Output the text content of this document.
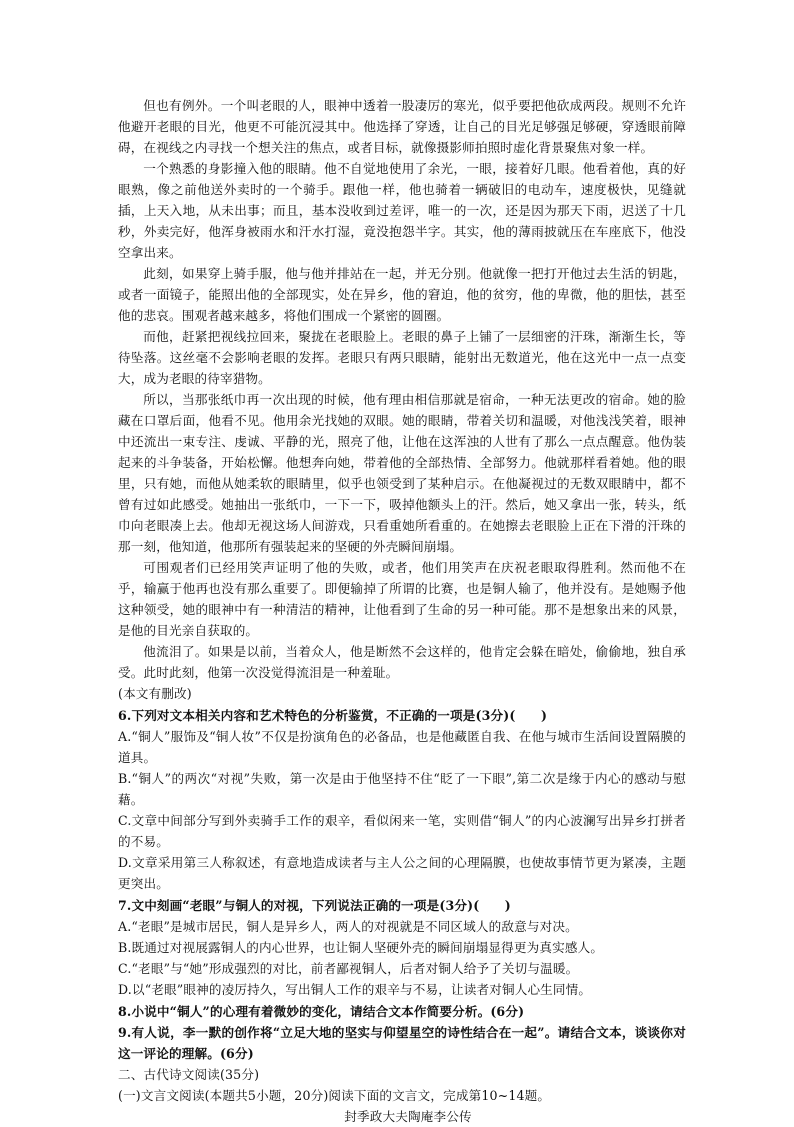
但也有例外。一个叫老眼的人，眼神中透着一股凄厉的寒光，似乎要把他砍成两段。规则不允许他避开老眼的目光，他更不可能沉浸其中。他选择了穿透，让自己的目光足够强足够硬，穿透眼前障碍，在视线之内寻找一个想关注的焦点，或者目标，就像摄影师拍照时虚化背景聚焦对象一样。

一个熟悉的身影撞入他的眼睛。他不自觉地使用了余光，一眼，接着好几眼。他看着他，真的好眼熟，像之前他送外卖时的一个骑手。跟他一样，他也骑着一辆破旧的电动车，速度极快，见缝就插，上天入地，从未出事；而且，基本没收到过差评，唯一的一次，还是因为那天下雨，迟送了十几秒，外卖完好，他浑身被雨水和汗水打湿，竟没抱怨半字。其实，他的薄雨披就压在车座底下，他没空拿出来。

此刻，如果穿上骑手服，他与他并排站在一起，并无分别。他就像一把打开他过去生活的钥匙，或者一面镜子，能照出他的全部现实，处在异乡，他的窘迫，他的贫穷，他的卑微，他的胆怯，甚至他的悲哀。围观者越来越多，将他们围成一个紧密的圆圈。

而他，赶紧把视线拉回来，聚拢在老眼脸上。老眼的鼻子上铺了一层细密的汗珠，渐渐生长，等待坠落。这丝毫不会影响老眼的发挥。老眼只有两只眼睛，能射出无数道光，他在这光中一点一点变大，成为老眼的待宰猎物。

所以，当那张纸巾再一次出现的时候，他有理由相信那就是宿命，一种无法更改的宿命。她的脸藏在口罩后面，他看不见。他用余光找她的双眼。她的眼睛，带着关切和温暖，对他浅浅笑着，眼神中还流出一束专注、虔诚、平静的光，照亮了他，让他在这浑浊的人世有了那么一点点醒意。他伪装起来的斗争装备，开始松懈。他想奔向她，带着他的全部热情、全部努力。他就那样看着她。他的眼里，只有她，而他从她柔软的眼睛里，似乎也领受到了某种启示。在他凝视过的无数双眼睛中，都不曾有过如此感受。她抽出一张纸巾，一下一下，吸掉他额头上的汗。然后，她又拿出一张，转头，纸巾向老眼凑上去。他却无视这场人间游戏，只看重她所看重的。在她擦去老眼脸上正在下滑的汗珠的那一刻，他知道，他那所有强装起来的坚硬的外壳瞬间崩塌。

可围观者们已经用笑声证明了他的失败，或者，他们用笑声在庆祝老眼取得胜利。然而他不在乎，输赢于他再也没有那么重要了。即便输掉了所谓的比赛，也是铜人输了，他并没有。是她赐予他这种领受，她的眼神中有一种清洁的精神，让他看到了生命的另一种可能。那不是想象出来的风景，是他的目光亲自获取的。

他流泪了。如果是以前，当着众人，他是断然不会这样的，他肯定会躲在暗处，偷偷地，独自承受。此时此刻，他第一次没觉得流泪是一种羞耻。

(本文有删改)

6.下列对文本相关内容和艺术特色的分析鉴赏，不正确的一项是(3分)(　　)

A.“铜人”服饰及“铜人妆”不仅是扮演角色的必备品，也是他藏匿自我、在他与城市生活间设置隔膜的道具。

B.“铜人”的两次“对视”失败，第一次是由于他坚持不住“眨了一下眼”,第二次是缘于内心的感动与慰藉。

C.文章中间部分写到外卖骑手工作的艰辛，看似闲来一笔，实则借“铜人”的内心波澜写出异乡打拼者的不易。

D.文章采用第三人称叙述，有意地造成读者与主人公之间的心理隔膜，也使故事情节更为紧凑，主题更突出。

7.文中刻画“老眼”与铜人的对视，下列说法正确的一项是(3分)(　　)

A.“老眼”是城市居民，铜人是异乡人，两人的对视就是不同区域人的敌意与对决。

B.既通过对视展露铜人的内心世界，也让铜人坚硬外壳的瞬间崩塌显得更为真实感人。

C.“老眼”与“她”形成强烈的对比，前者鄙视铜人，后者对铜人给予了关切与温暖。

D.以“老眼”眼神的凌厉持久，写出铜人工作的艰辛与不易，让读者对铜人心生同情。

8.小说中“铜人”的心理有着微妙的变化，请结合文本作简要分析。(6分)

9.有人说，李一默的创作将“立足大地的坚实与仰望星空的诗性结合在一起”。请结合文本，谈谈你对这一评论的理解。(6分)

二、古代诗文阅读(35分)

(一)文言文阅读(本题共5小题，20分)阅读下面的文言文，完成第10~14题。

封季政大夫陶庵李公传
